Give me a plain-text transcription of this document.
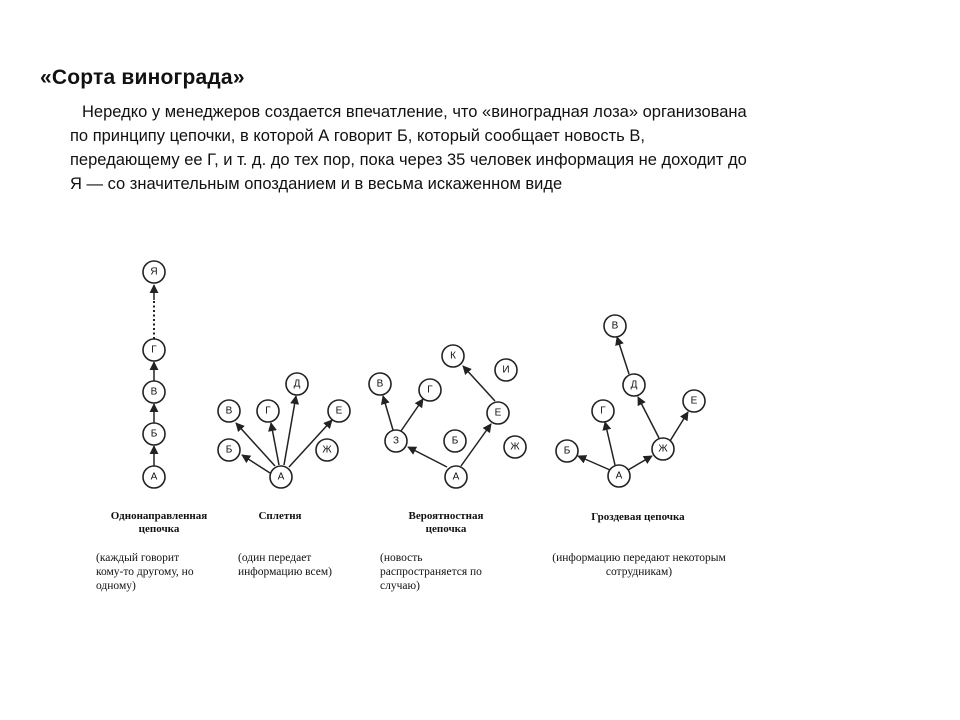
«Сорта винограда»
Нередко у менеджеров создается впечатление, что «виноградная лоза» организована
по принципу цепочки, в которой А говорит Б, который сообщает новость В,
передающему ее Г, и т. д. до тех пор, пока через 35 человек информация не доходит до
Я — со значительным опозданием и в весьма искаженном виде
Я
Г
В
Б
А
В	Г
Д
Е
Б	Ж
А
К
И
В
Г
Е
З	Б
Ж
А
В
Д
Г
Е
Б	Ж
А
Однонаправленная
цепочка
Сплетня	Вероятностная
цепочка
Гроздевая цепочка
(каждый говорит
кому-то другому, но
одному)
(один передает
информацию всем)
(новость
распространяется по
случаю)
(информацию передают некоторым
сотрудникам)
